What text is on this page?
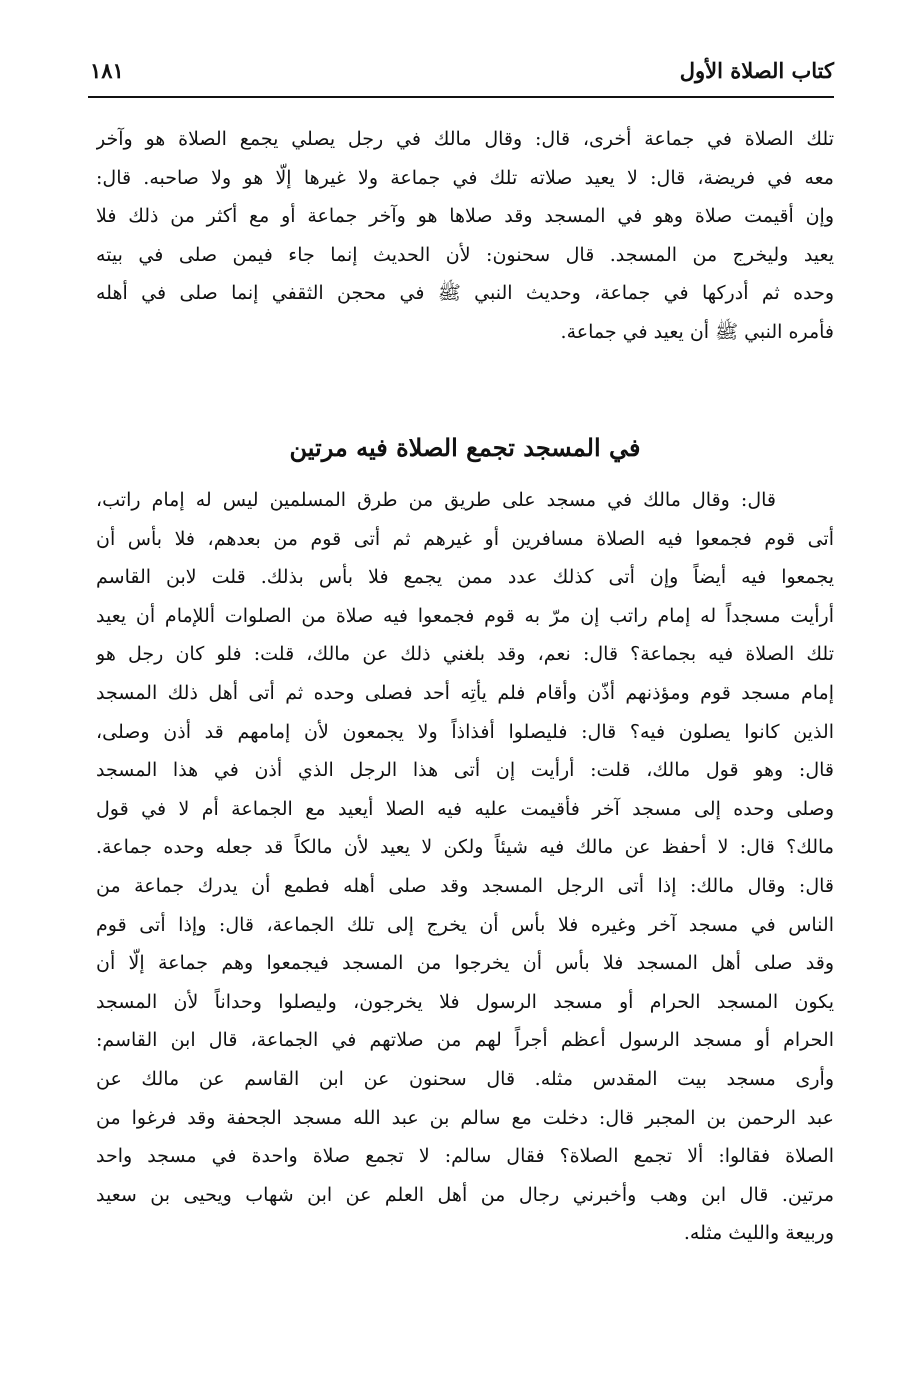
كتاب الصلاة الأول
١٨١
تلك الصلاة في جماعة أخرى، قال: وقال مالك في رجل يصلي يجمع الصلاة هو وآخر
معه في فريضة، قال: لا يعيد صلاته تلك في جماعة ولا غيرها إلّا هو ولا صاحبه. قال:
وإن أقيمت صلاة وهو في المسجد وقد صلاها هو وآخر جماعة أو مع أكثر من ذلك فلا
يعيد وليخرج من المسجد. قال سحنون: لأن الحديث إنما جاء فيمن صلى في بيته
وحده ثم أدركها في جماعة، وحديث النبي ﷺ في محجن الثقفي إنما صلى في أهله
فأمره النبي ﷺ أن يعيد في جماعة.
في المسجد تجمع الصلاة فيه مرتين
قال: وقال مالك في مسجد على طريق من طرق المسلمين ليس له إمام راتب،
أتى قوم فجمعوا فيه الصلاة مسافرين أو غيرهم ثم أتى قوم من بعدهم، فلا بأس أن
يجمعوا فيه أيضاً وإن أتى كذلك عدد ممن يجمع فلا بأس بذلك. قلت لابن القاسم
أرأيت مسجداً له إمام راتب إن مرّ به قوم فجمعوا فيه صلاة من الصلوات أللإمام أن يعيد
تلك الصلاة فيه بجماعة؟ قال: نعم، وقد بلغني ذلك عن مالك، قلت: فلو كان رجل هو
إمام مسجد قوم ومؤذنهم أذّن وأقام فلم يأتِه أحد فصلى وحده ثم أتى أهل ذلك المسجد
الذين كانوا يصلون فيه؟ قال: فليصلوا أفذاذاً ولا يجمعون لأن إمامهم قد أذن وصلى،
قال: وهو قول مالك، قلت: أرأيت إن أتى هذا الرجل الذي أذن في هذا المسجد
وصلى وحده إلى مسجد آخر فأقيمت عليه فيه الصلا أيعيد مع الجماعة أم لا في قول
مالك؟ قال: لا أحفظ عن مالك فيه شيئاً ولكن لا يعيد لأن مالكاً قد جعله وحده جماعة.
قال: وقال مالك: إذا أتى الرجل المسجد وقد صلى أهله فطمع أن يدرك جماعة من
الناس في مسجد آخر وغيره فلا بأس أن يخرج إلى تلك الجماعة، قال: وإذا أتى قوم
وقد صلى أهل المسجد فلا بأس أن يخرجوا من المسجد فيجمعوا وهم جماعة إلّا أن
يكون المسجد الحرام أو مسجد الرسول فلا يخرجون، وليصلوا وحداناً لأن المسجد
الحرام أو مسجد الرسول أعظم أجراً لهم من صلاتهم في الجماعة، قال ابن القاسم:
وأرى مسجد بيت المقدس مثله. قال سحنون عن ابن القاسم عن مالك عن
عبد الرحمن بن المجبر قال: دخلت مع سالم بن عبد الله مسجد الجحفة وقد فرغوا من
الصلاة فقالوا: ألا تجمع الصلاة؟ فقال سالم: لا تجمع صلاة واحدة في مسجد واحد
مرتين. قال ابن وهب وأخبرني رجال من أهل العلم عن ابن شهاب ويحيى بن سعيد
وربيعة والليث مثله.
